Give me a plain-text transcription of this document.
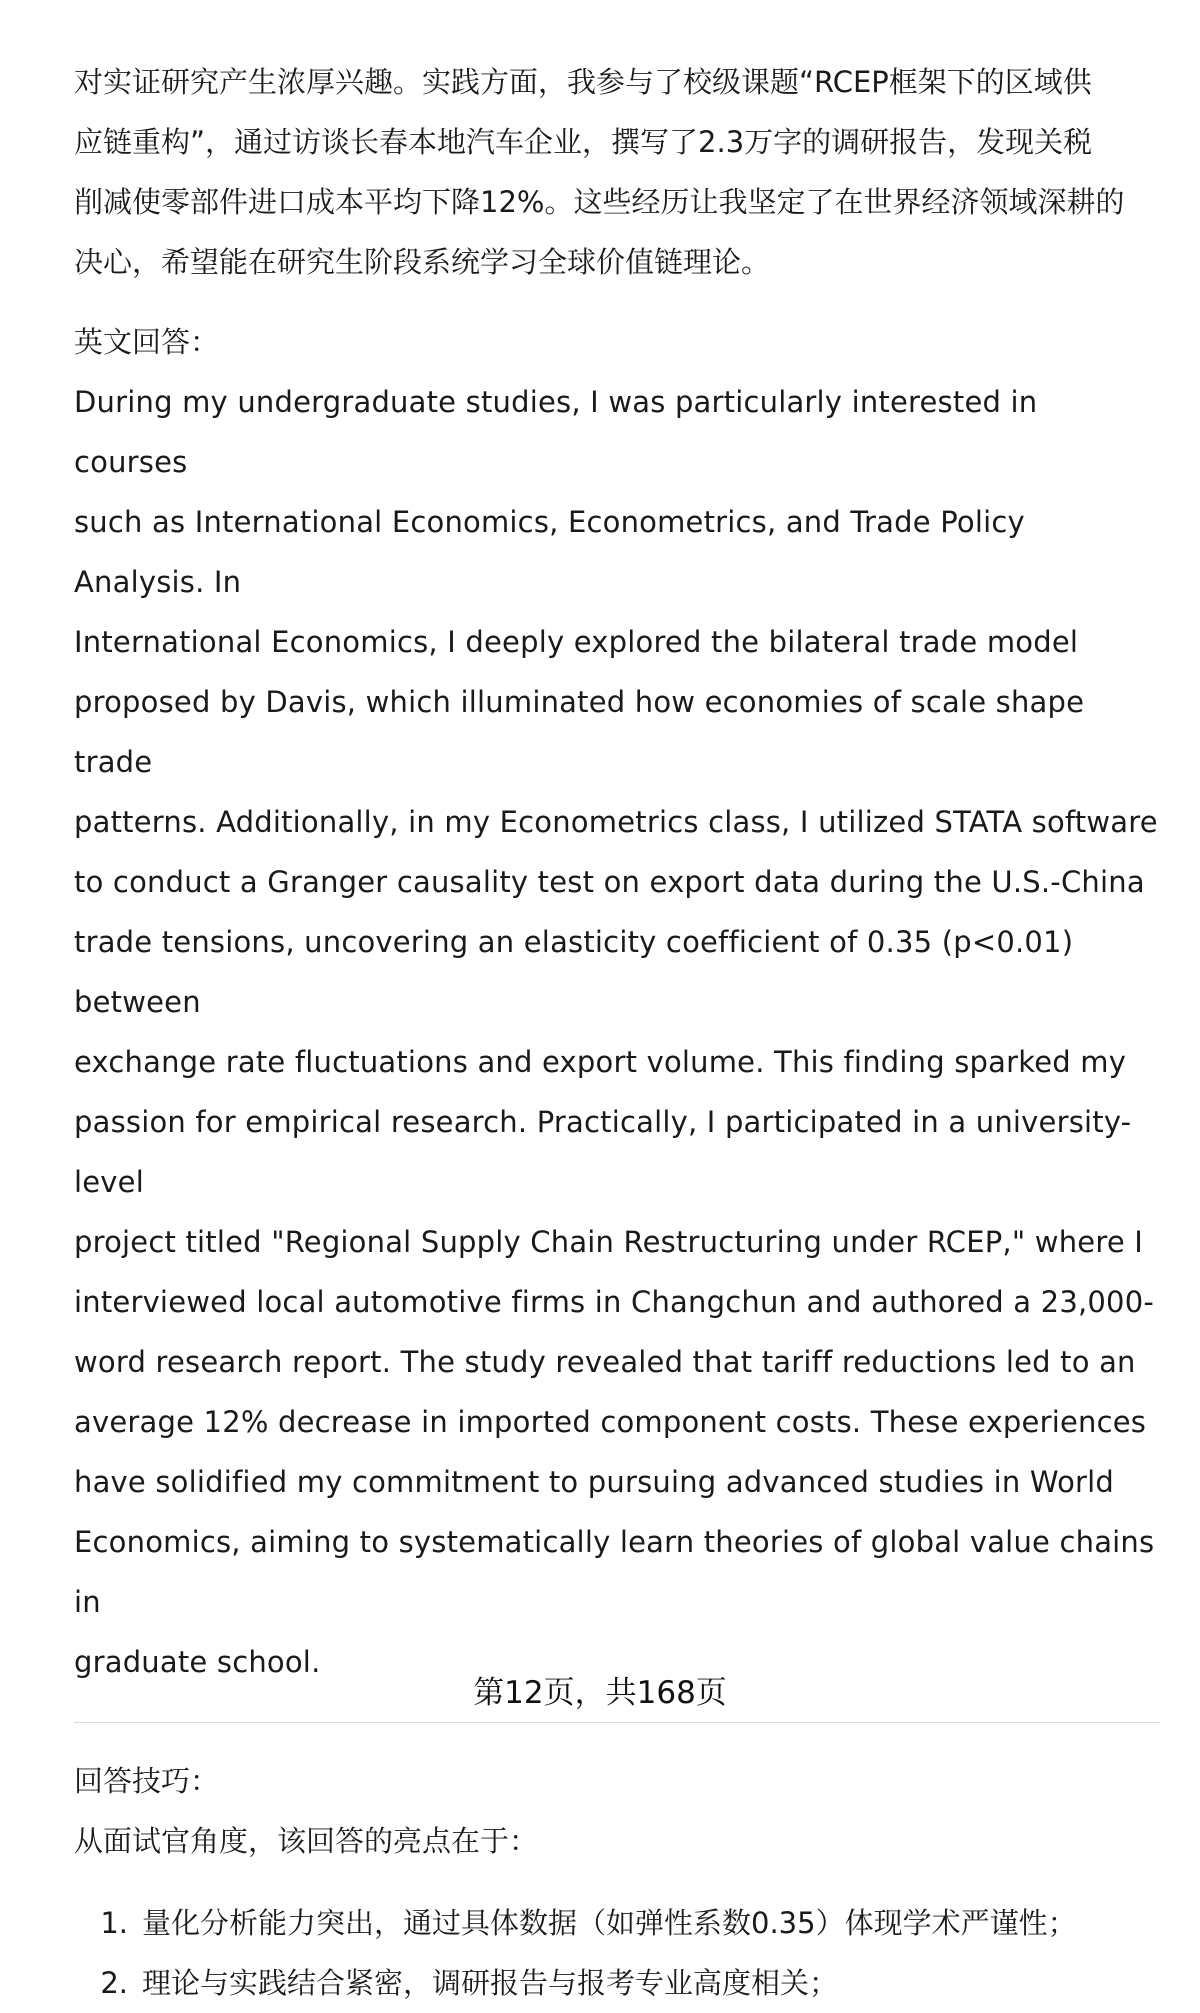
对实证研究产生浓厚兴趣。实践方面，我参与了校级课题“RCEP框架下的区域供

应链重构”，通过访谈长春本地汽车企业，撰写了2.3万字的调研报告，发现关税

削减使零部件进口成本平均下降12%。这些经历让我坚定了在世界经济领域深耕的

决心，希望能在研究生阶段系统学习全球价值链理论。

英文回答：

During my undergraduate studies, I was particularly interested in courses

such as International Economics, Econometrics, and Trade Policy Analysis. In

International Economics, I deeply explored the bilateral trade model

proposed by Davis, which illuminated how economies of scale shape trade

patterns. Additionally, in my Econometrics class, I utilized STATA software

to conduct a Granger causality test on export data during the U.S.-China

trade tensions, uncovering an elasticity coefficient of 0.35 (p<0.01) between

exchange rate fluctuations and export volume. This finding sparked my

passion for empirical research. Practically, I participated in a university-level

project titled "Regional Supply Chain Restructuring under RCEP," where I

interviewed local automotive firms in Changchun and authored a 23,000-

word research report. The study revealed that tariff reductions led to an

average 12% decrease in imported component costs. These experiences

have solidified my commitment to pursuing advanced studies in World

Economics, aiming to systematically learn theories of global value chains in

graduate school.

回答技巧：

从面试官角度，该回答的亮点在于：

1. 量化分析能力突出，通过具体数据（如弹性系数0.35）体现学术严谨性；
2. 理论与实践结合紧密，调研报告与报考专业高度相关；
第12页，共168页
